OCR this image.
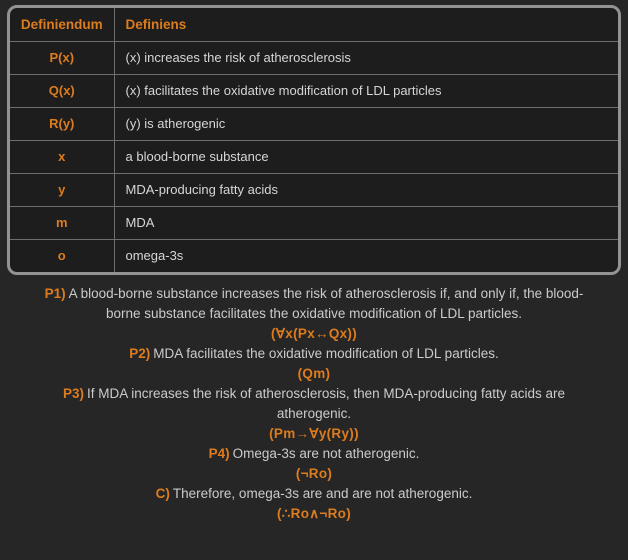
Definiendum	Definiens
P(x)	(x) increases the risk of atherosclerosis
Q(x)	(x) facilitates the oxidative modification of LDL particles
R(y)	(y) is atherogenic
x	a blood-borne substance
y	MDA-producing fatty acids
m	MDA
o	omega-3s

P1) A blood-borne substance increases the risk of atherosclerosis if, and only if, the blood-borne substance facilitates the oxidative modification of LDL particles.

(∀x(Px↔Qx))

P2) MDA facilitates the oxidative modification of LDL particles.

(Qm)

P3) If MDA increases the risk of atherosclerosis, then MDA-producing fatty acids are atherogenic.

(Pm→∀y(Ry))

P4) Omega-3s are not atherogenic.

(¬Ro)

C) Therefore, omega-3s are and are not atherogenic.

(∴Ro∧¬Ro)
